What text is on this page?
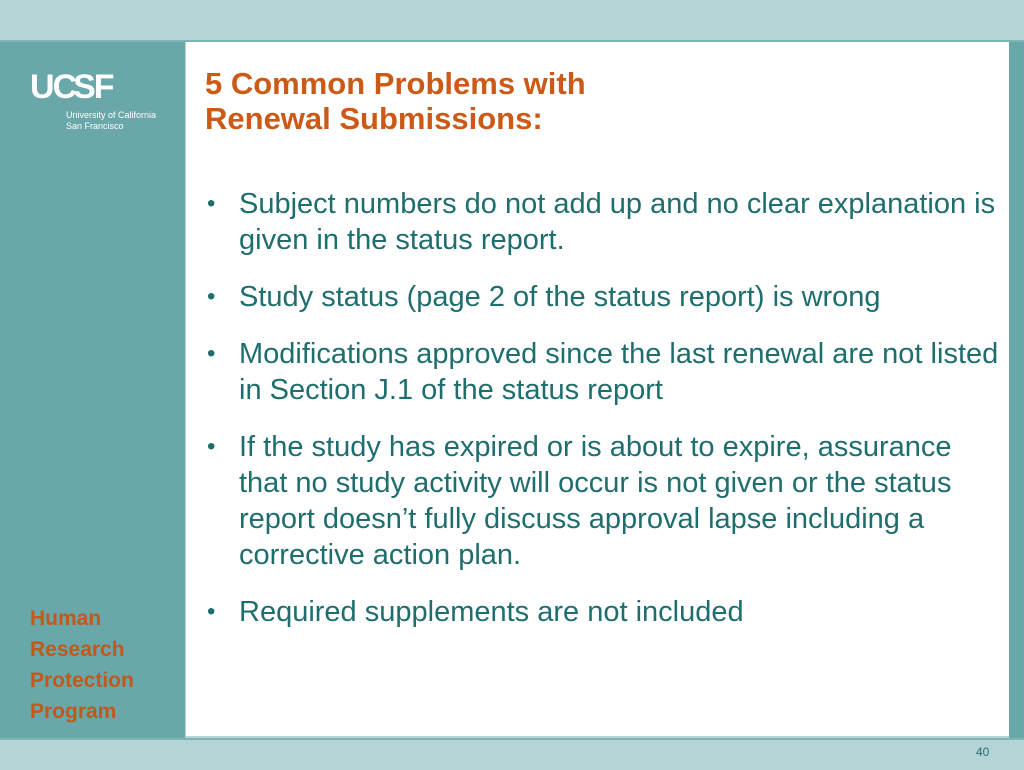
UCSF
University of California
San Francisco
Human
Research
Protection
Program
5 Common Problems with
Renewal Submissions:
• Subject numbers do not add up and no clear explanation is given in the status report.
• Study status (page 2 of the status report) is wrong
• Modifications approved since the last renewal are not listed in Section J.1 of the status report
• If the study has expired or is about to expire, assurance that no study activity will occur is not given or the status report doesn’t fully discuss approval lapse including a corrective action plan.
• Required supplements are not included
40
